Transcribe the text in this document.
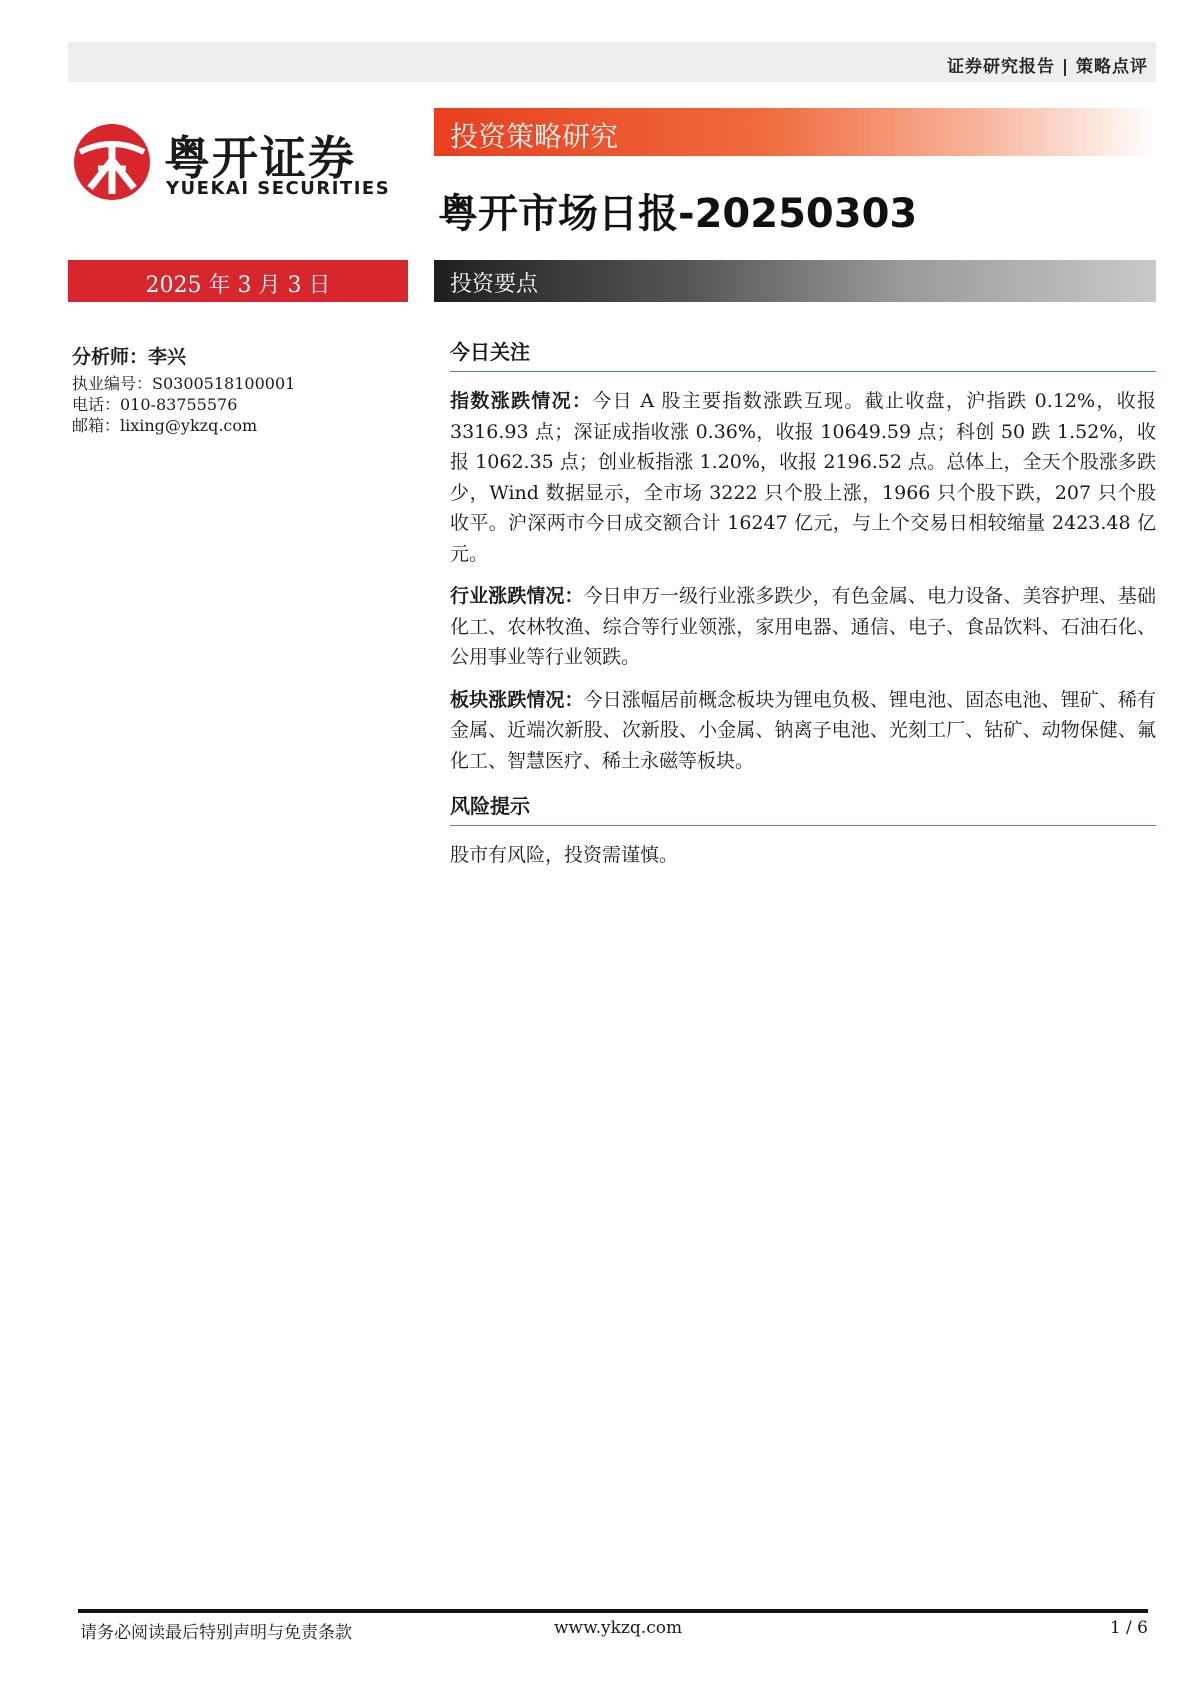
证券研究报告 | 策略点评
粤开证券
YUEKAI SECURITIES
投资策略研究
粤开市场日报-20250303
2025 年 3 月 3 日	投资要点
分析师：李兴
执业编号：S0300518100001
电话：010-83755576
邮箱：lixing@ykzq.com
今日关注

指数涨跌情况：今日 A 股主要指数涨跌互现。截止收盘，沪指跌 0.12%，收报 3316.93 点；深证成指收涨 0.36%，收报 10649.59 点；科创 50 跌 1.52%，收报 1062.35 点；创业板指涨 1.20%，收报 2196.52 点。总体上，全天个股涨多跌少，Wind 数据显示，全市场 3222 只个股上涨，1966 只个股下跌，207 只个股收平。沪深两市今日成交额合计 16247 亿元，与上个交易日相较缩量 2423.48 亿元。

行业涨跌情况：今日申万一级行业涨多跌少，有色金属、电力设备、美容护理、基础化工、农林牧渔、综合等行业领涨，家用电器、通信、电子、食品饮料、石油石化、公用事业等行业领跌。

板块涨跌情况：今日涨幅居前概念板块为锂电负极、锂电池、固态电池、锂矿、稀有金属、近端次新股、次新股、小金属、钠离子电池、光刻工厂、钴矿、动物保健、氟化工、智慧医疗、稀土永磁等板块。

风险提示

股市有风险，投资需谨慎。

请务必阅读最后特别声明与免责条款	www.ykzq.com	1 / 6
